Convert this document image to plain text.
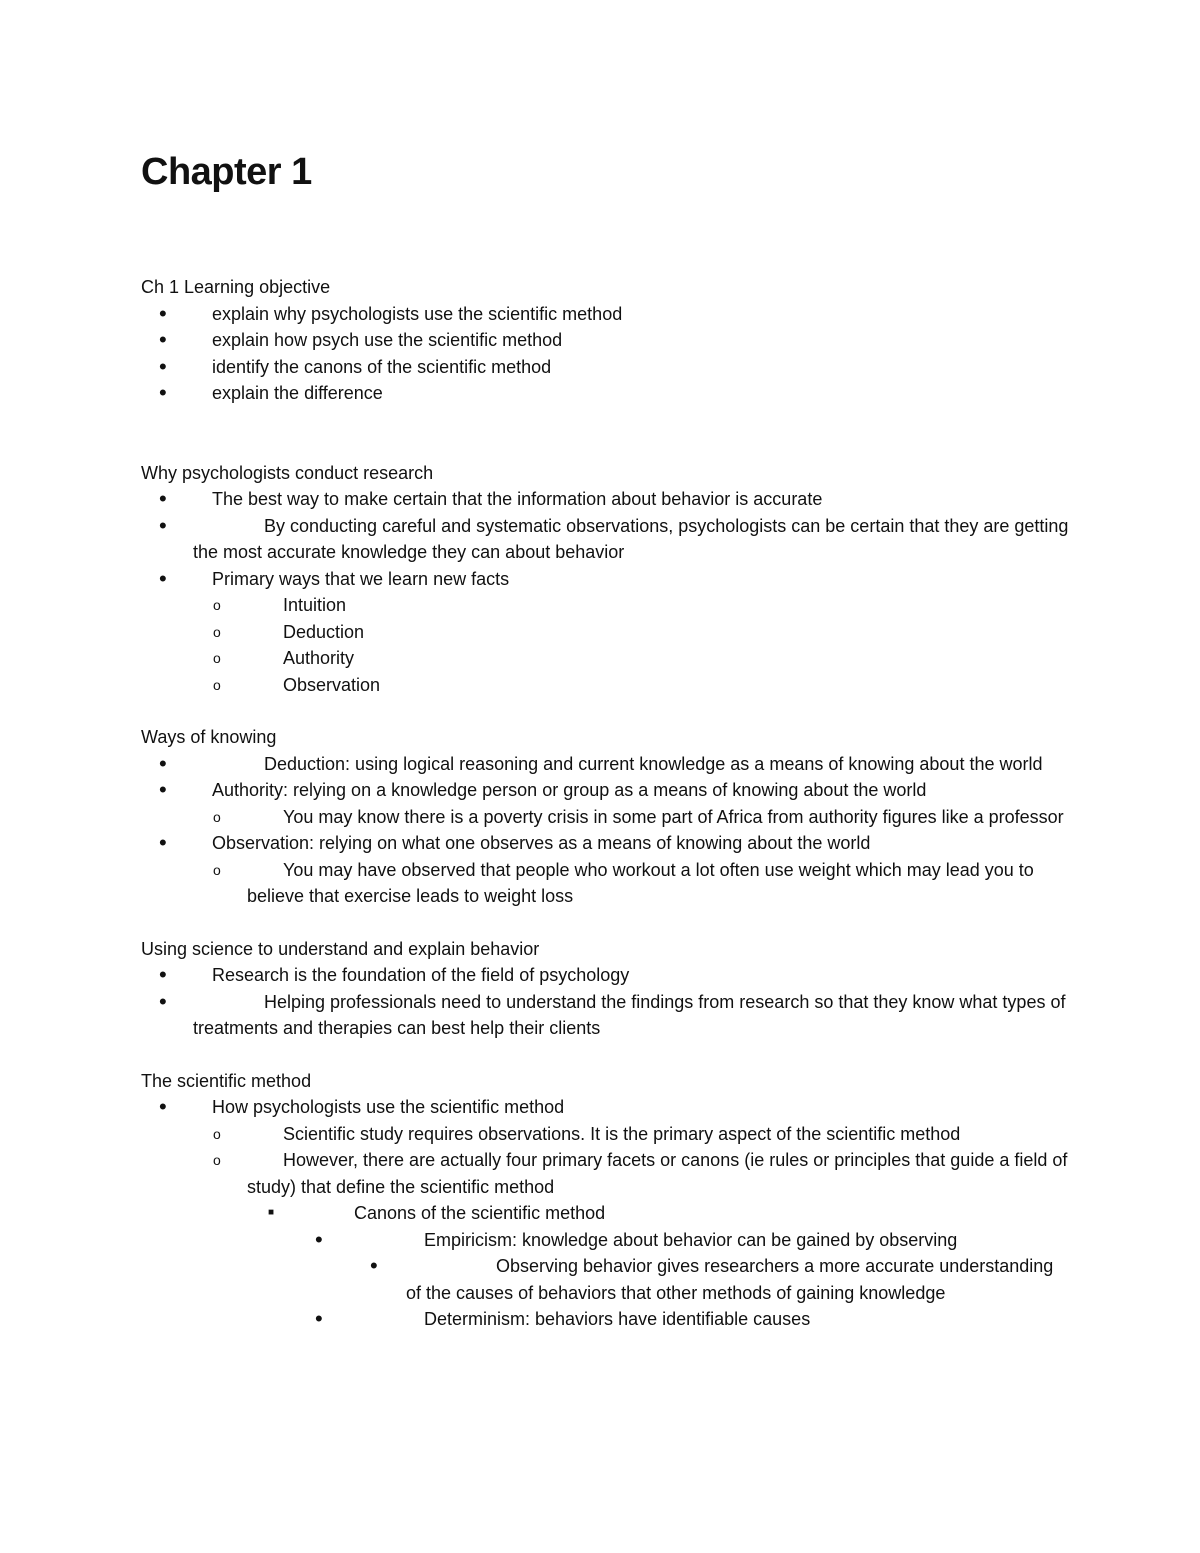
Chapter 1

Ch 1 Learning objective

•	explain why psychologists use the scientific method
•	explain how psych use the scientific method
•	identify the canons of the scientific method
•	explain the difference

Why psychologists conduct research

•	The best way to make certain that the information about behavior is accurate
•	By conducting careful and systematic observations, psychologists can be certain that they are getting the most accurate knowledge they can about behavior
•	Primary ways that we learn new facts
o	Intuition
o	Deduction
o	Authority
o	Observation

Ways of knowing

•	Deduction: using logical reasoning and current knowledge as a means of knowing about the world
•	Authority: relying on a knowledge person or group as a means of knowing about the world
o	You may know there is a poverty crisis in some part of Africa from authority figures like a professor
•	Observation: relying on what one observes as a means of knowing about the world
o	You may have observed that people who workout a lot often use weight which may lead you to believe that exercise leads to weight loss

Using science to understand and explain behavior

•	Research is the foundation of the field of psychology
•	Helping professionals need to understand the findings from research so that they know what types of treatments and therapies can best help their clients

The scientific method

•	How psychologists use the scientific method
o	Scientific study requires observations. It is the primary aspect of the scientific method
o	However, there are actually four primary facets or canons (ie rules or principles that guide a field of study) that define the scientific method
■	Canons of the scientific method
•	Empiricism: knowledge about behavior can be gained by observing
•	Observing behavior gives researchers a more accurate understanding of the causes of behaviors that other methods of gaining knowledge
•	Determinism: behaviors have identifiable causes
